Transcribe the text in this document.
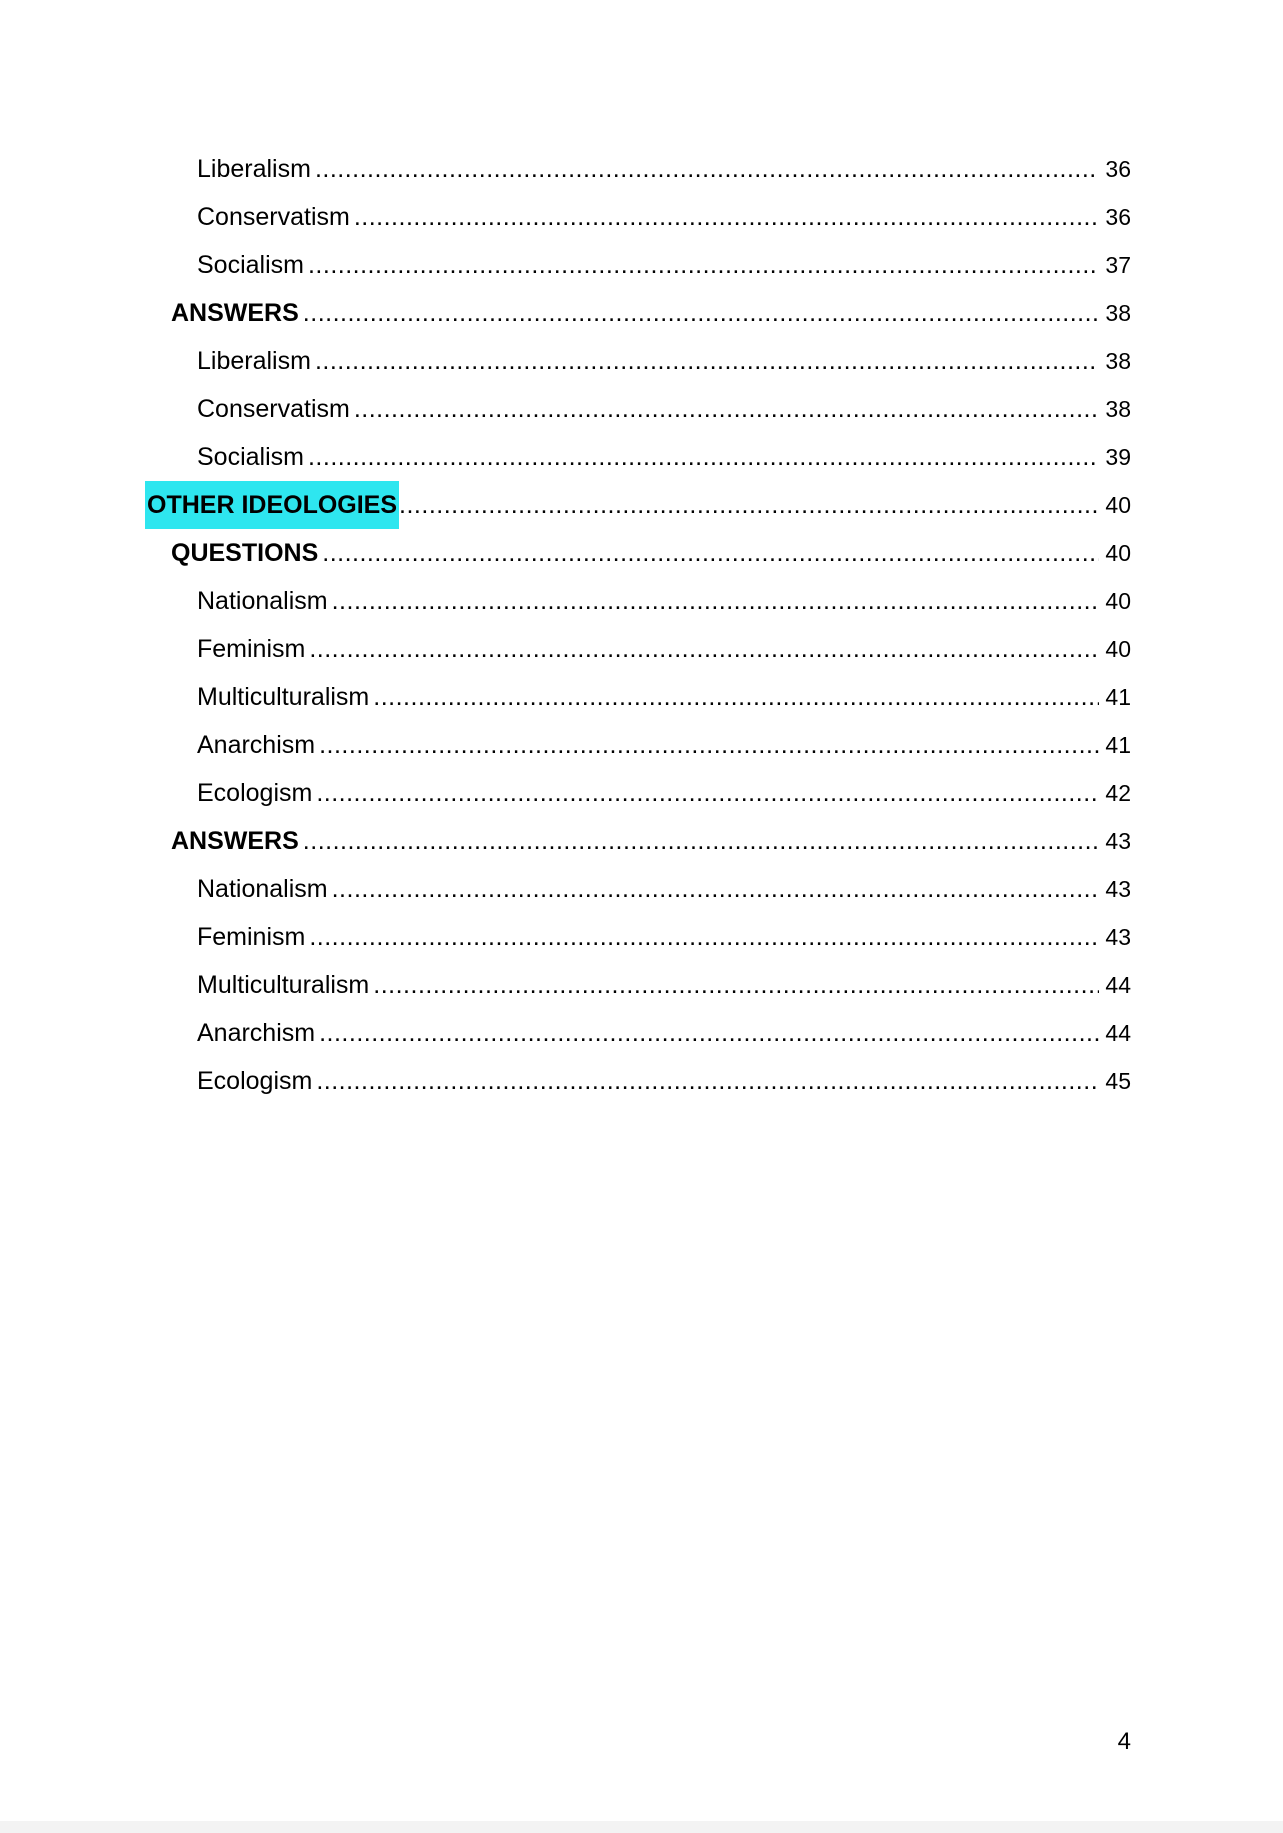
Liberalism .....	36
Conservatism .....	36
Socialism .....	37
ANSWERS .....	38
Liberalism .....	38
Conservatism .....	38
Socialism .....	39
OTHER IDEOLOGIES .....	40
QUESTIONS .....	40
Nationalism .....	40
Feminism .....	40
Multiculturalism .....	41
Anarchism .....	41
Ecologism .....	42
ANSWERS .....	43
Nationalism .....	43
Feminism .....	43
Multiculturalism .....	44
Anarchism .....	44
Ecologism .....	45
4
